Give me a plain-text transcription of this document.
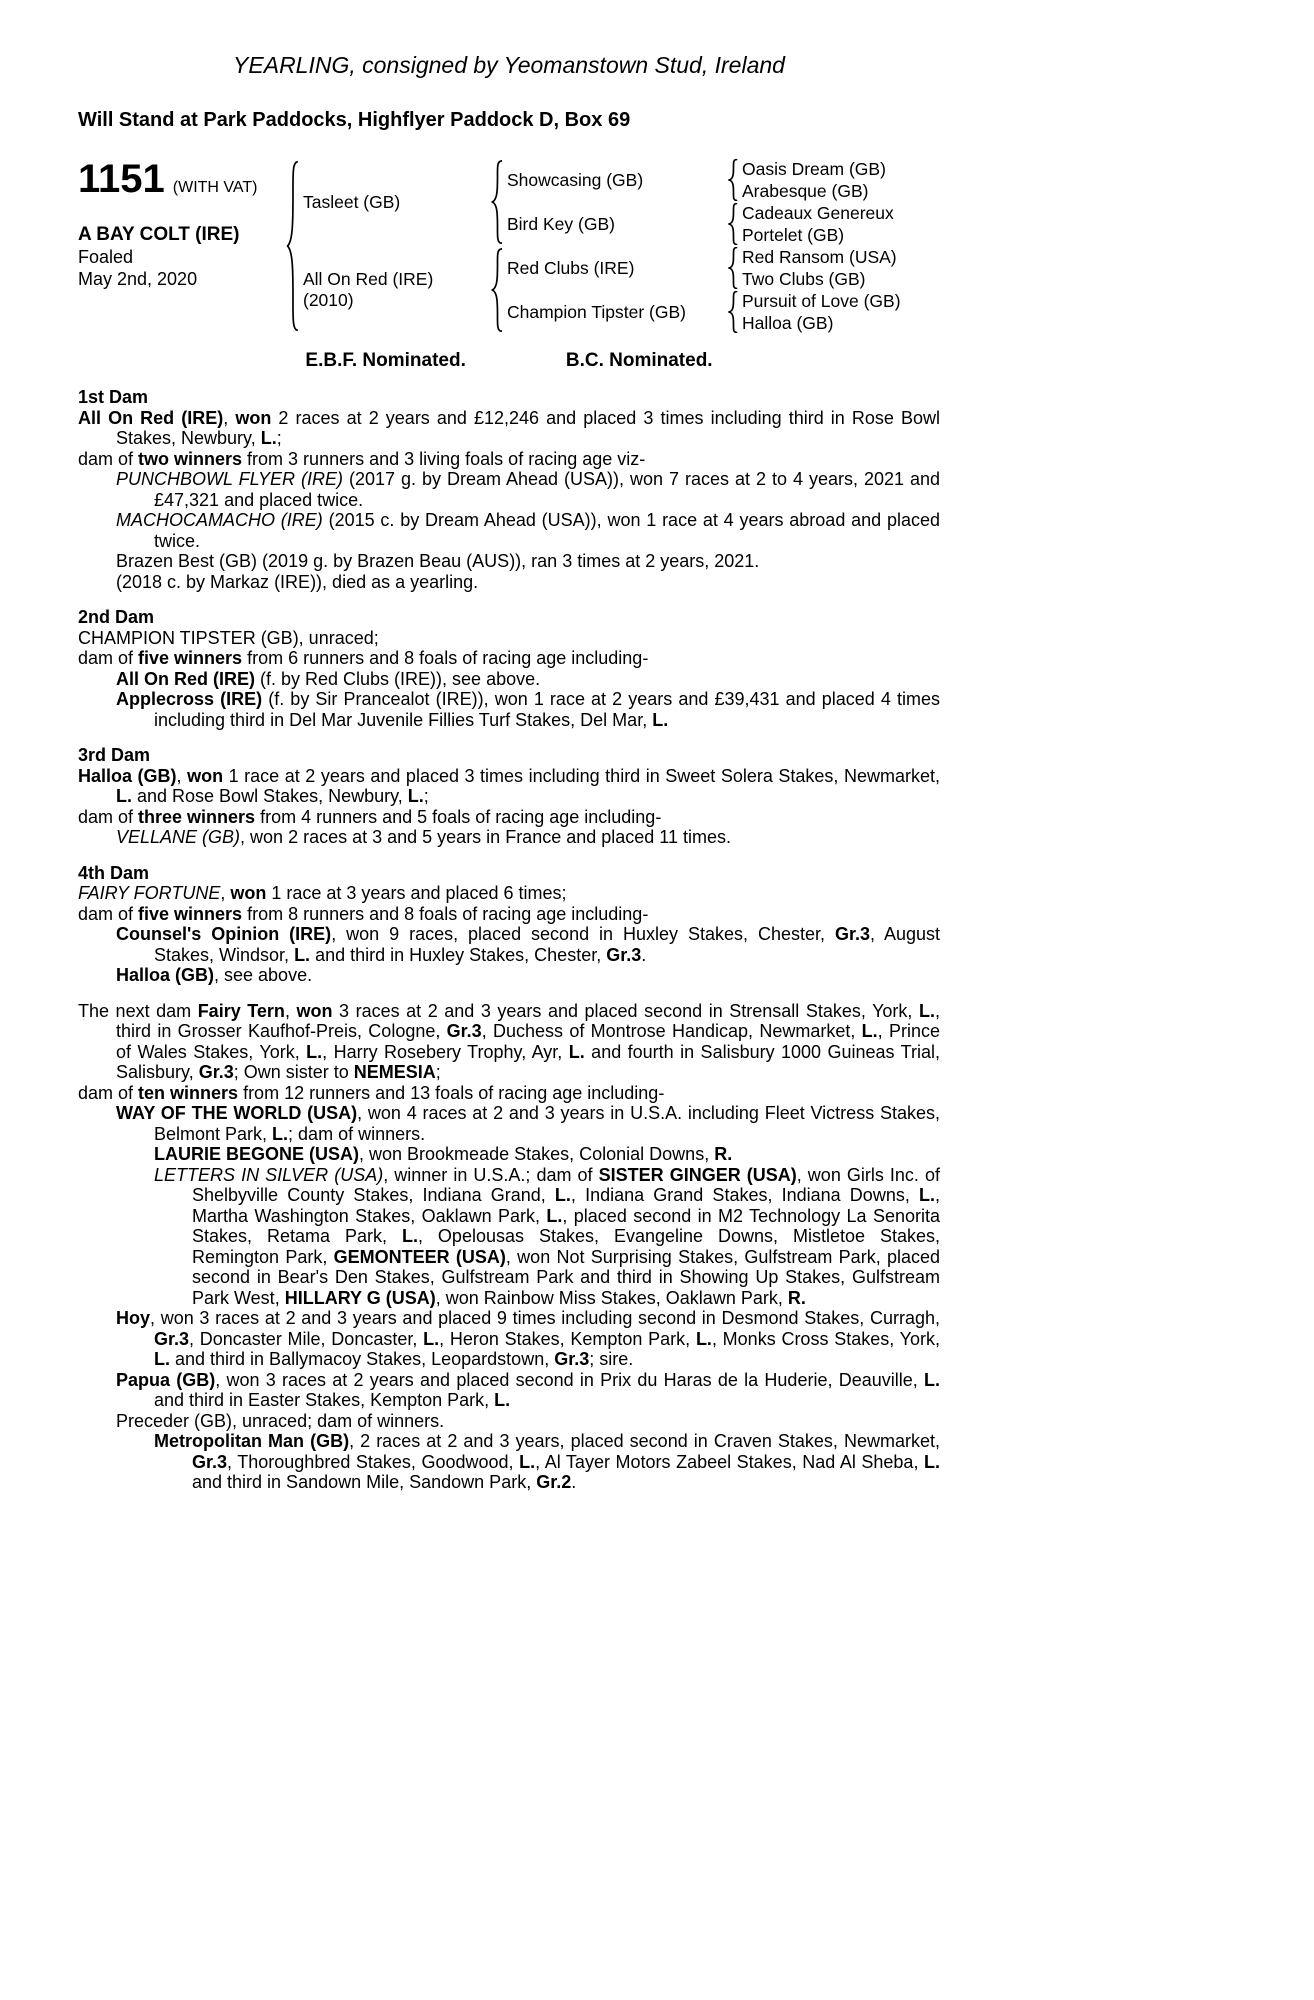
YEARLING, consigned by Yeomanstown Stud, Ireland
Will Stand at Park Paddocks, Highflyer Paddock D, Box 69
1151 (WITH VAT)
A BAY COLT (IRE)
Foaled
May 2nd, 2020
Tasleet (GB)
Showcasing (GB)
Oasis Dream (GB)
Arabesque (GB)
Bird Key (GB)
Cadeaux Genereux
Portelet (GB)
All On Red (IRE)
(2010)
Red Clubs (IRE)
Red Ransom (USA)
Two Clubs (GB)
Champion Tipster (GB)
Pursuit of Love (GB)
Halloa (GB)
E.B.F. Nominated.	B.C. Nominated.
1st Dam

All On Red (IRE), won 2 races at 2 years and £12,246 and placed 3 times including third in Rose Bowl Stakes, Newbury, L.;

dam of two winners from 3 runners and 3 living foals of racing age viz-

PUNCHBOWL FLYER (IRE) (2017 g. by Dream Ahead (USA)), won 7 races at 2 to 4 years, 2021 and £47,321 and placed twice.

MACHOCAMACHO (IRE) (2015 c. by Dream Ahead (USA)), won 1 race at 4 years abroad and placed twice.

Brazen Best (GB) (2019 g. by Brazen Beau (AUS)), ran 3 times at 2 years, 2021.

(2018 c. by Markaz (IRE)), died as a yearling.

2nd Dam

CHAMPION TIPSTER (GB), unraced;

dam of five winners from 6 runners and 8 foals of racing age including-

All On Red (IRE) (f. by Red Clubs (IRE)), see above.

Applecross (IRE) (f. by Sir Prancealot (IRE)), won 1 race at 2 years and £39,431 and placed 4 times including third in Del Mar Juvenile Fillies Turf Stakes, Del Mar, L.

3rd Dam

Halloa (GB), won 1 race at 2 years and placed 3 times including third in Sweet Solera Stakes, Newmarket, L. and Rose Bowl Stakes, Newbury, L.;

dam of three winners from 4 runners and 5 foals of racing age including-

VELLANE (GB), won 2 races at 3 and 5 years in France and placed 11 times.

4th Dam

FAIRY FORTUNE, won 1 race at 3 years and placed 6 times;

dam of five winners from 8 runners and 8 foals of racing age including-

Counsel's Opinion (IRE), won 9 races, placed second in Huxley Stakes, Chester, Gr.3, August Stakes, Windsor, L. and third in Huxley Stakes, Chester, Gr.3.

Halloa (GB), see above.

The next dam Fairy Tern, won 3 races at 2 and 3 years and placed second in Strensall Stakes, York, L., third in Grosser Kaufhof-Preis, Cologne, Gr.3, Duchess of Montrose Handicap, Newmarket, L., Prince of Wales Stakes, York, L., Harry Rosebery Trophy, Ayr, L. and fourth in Salisbury 1000 Guineas Trial, Salisbury, Gr.3; Own sister to NEMESIA;

dam of ten winners from 12 runners and 13 foals of racing age including-

WAY OF THE WORLD (USA), won 4 races at 2 and 3 years in U.S.A. including Fleet Victress Stakes, Belmont Park, L.; dam of winners.

LAURIE BEGONE (USA), won Brookmeade Stakes, Colonial Downs, R.

LETTERS IN SILVER (USA), winner in U.S.A.; dam of SISTER GINGER (USA), won Girls Inc. of Shelbyville County Stakes, Indiana Grand, L., Indiana Grand Stakes, Indiana Downs, L., Martha Washington Stakes, Oaklawn Park, L., placed second in M2 Technology La Senorita Stakes, Retama Park, L., Opelousas Stakes, Evangeline Downs, Mistletoe Stakes, Remington Park, GEMONTEER (USA), won Not Surprising Stakes, Gulfstream Park, placed second in Bear's Den Stakes, Gulfstream Park and third in Showing Up Stakes, Gulfstream Park West, HILLARY G (USA), won Rainbow Miss Stakes, Oaklawn Park, R.

Hoy, won 3 races at 2 and 3 years and placed 9 times including second in Desmond Stakes, Curragh, Gr.3, Doncaster Mile, Doncaster, L., Heron Stakes, Kempton Park, L., Monks Cross Stakes, York, L. and third in Ballymacoy Stakes, Leopardstown, Gr.3; sire.

Papua (GB), won 3 races at 2 years and placed second in Prix du Haras de la Huderie, Deauville, L. and third in Easter Stakes, Kempton Park, L.

Preceder (GB), unraced; dam of winners.

Metropolitan Man (GB), 2 races at 2 and 3 years, placed second in Craven Stakes, Newmarket, Gr.3, Thoroughbred Stakes, Goodwood, L., Al Tayer Motors Zabeel Stakes, Nad Al Sheba, L. and third in Sandown Mile, Sandown Park, Gr.2.
